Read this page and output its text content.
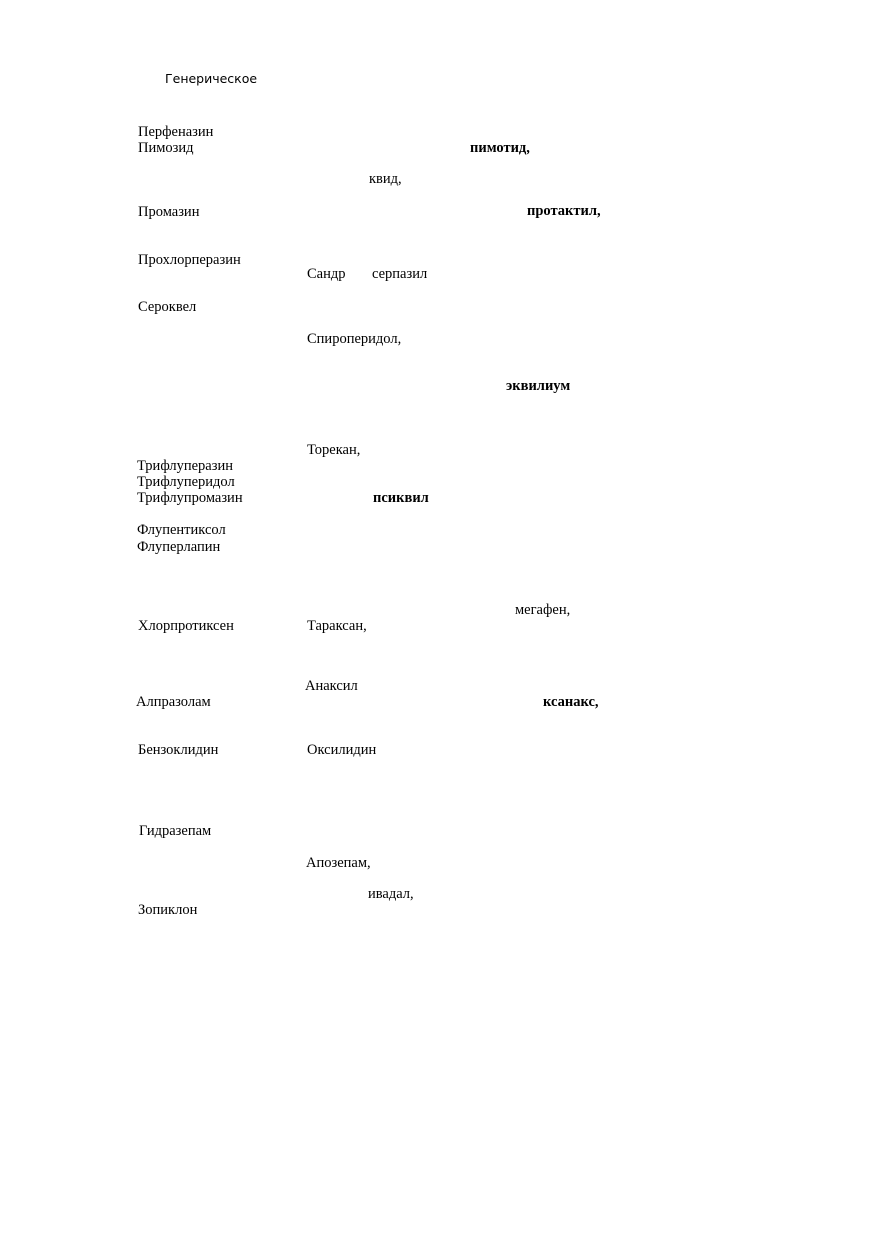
Генерическое
Перфеназин
Пимозид
Промазин
Прохлорперазин
Сероквел
Трифлуперазин
Трифлуперидол
Трифлупромазин
Флупентиксол
Флуперлапин
Хлорпротиксен
Алпразолам
Бензоклидин
Гидразепам
Зопиклон
пимотид,
квид,
протактил,
Сандр серпазил
Спироперидол,
эквилиум
Торекан,
псиквил
мегафен,
Тараксан,
Анаксил
ксанакс,
Оксилидин
Апозепам,
ивадал,
